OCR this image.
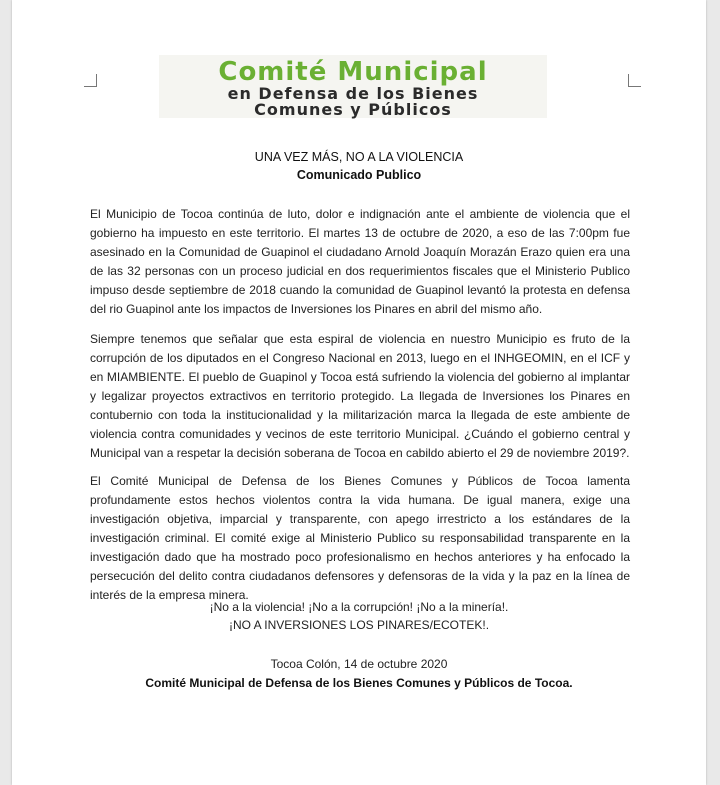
Comité Municipal
en Defensa de los Bienes
Comunes y Públicos
UNA VEZ MÁS, NO A LA VIOLENCIA
Comunicado Publico

El Municipio de Tocoa continúa de luto, dolor e indignación ante el ambiente de violencia que el gobierno ha impuesto en este territorio. El martes 13 de octubre de 2020, a eso de las 7:00pm fue asesinado en la Comunidad de Guapinol el ciudadano Arnold Joaquín Morazán Erazo quien era una de las 32 personas con un proceso judicial en dos requerimientos fiscales que el Ministerio Publico impuso desde septiembre de 2018 cuando la comunidad de Guapinol levantó la protesta en defensa del rio Guapinol ante los impactos de Inversiones los Pinares en abril del mismo año.

Siempre tenemos que señalar que esta espiral de violencia en nuestro Municipio es fruto de la corrupción de los diputados en el Congreso Nacional en 2013, luego en el INHGEOMIN, en el ICF y en MIAMBIENTE. El pueblo de Guapinol y Tocoa está sufriendo la violencia del gobierno al implantar y legalizar proyectos extractivos en territorio protegido. La llegada de Inversiones los Pinares en contubernio con toda la institucionalidad y la militarización marca la llegada de este ambiente de violencia contra comunidades y vecinos de este territorio Municipal. ¿Cuándo el gobierno central y Municipal van a respetar la decisión soberana de Tocoa en cabildo abierto el 29 de noviembre 2019?.

El Comité Municipal de Defensa de los Bienes Comunes y Públicos de Tocoa lamenta profundamente estos hechos violentos contra la vida humana. De igual manera, exige una investigación objetiva, imparcial y transparente, con apego irrestricto a los estándares de la investigación criminal. El comité exige al Ministerio Publico su responsabilidad transparente en la investigación dado que ha mostrado poco profesionalismo en hechos anteriores y ha enfocado la persecución del delito contra ciudadanos defensores y defensoras de la vida y la paz en la línea de interés de la empresa minera.

¡No a la violencia! ¡No a la corrupción! ¡No a la minería!.
¡NO A INVERSIONES LOS PINARES/ECOTEK!.
Tocoa Colón, 14 de octubre 2020
Comité Municipal de Defensa de los Bienes Comunes y Públicos de Tocoa.
